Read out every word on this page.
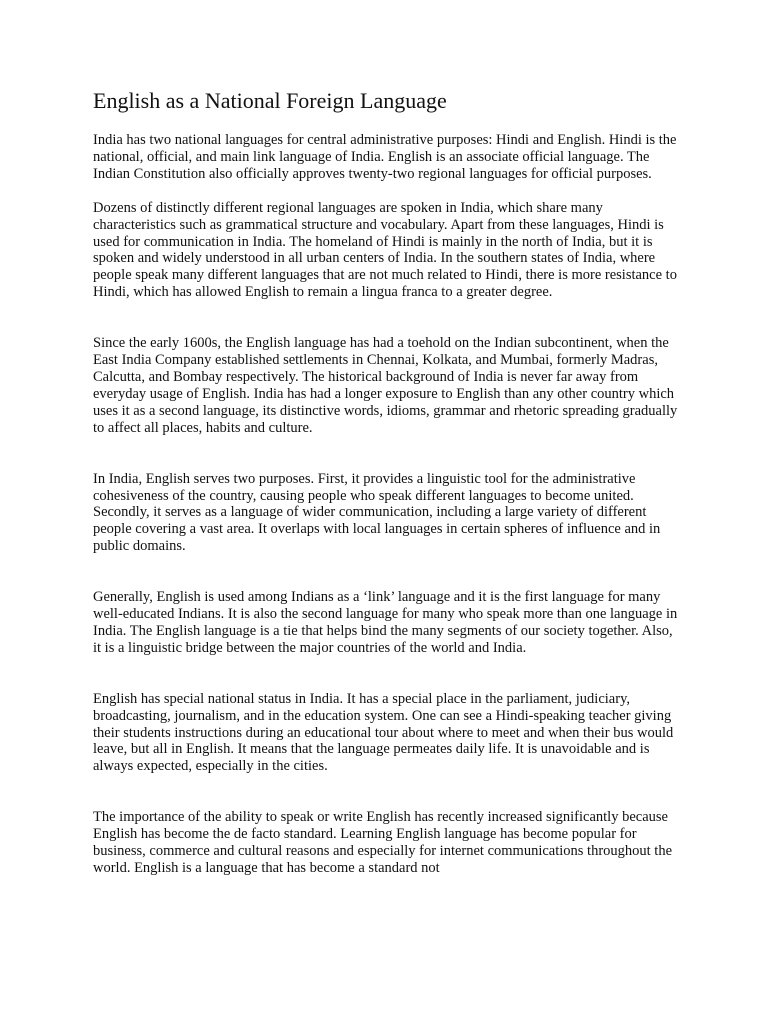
English as a National Foreign Language

India has two national languages for central administrative purposes: Hindi and English. Hindi is the national, official, and main link language of India. English is an associate official language. The Indian Constitution also officially approves twenty-two regional languages for official purposes.

Dozens of distinctly different regional languages are spoken in India, which share many characteristics such as grammatical structure and vocabulary. Apart from these languages, Hindi is used for communication in India. The homeland of Hindi is mainly in the north of India, but it is spoken and widely understood in all urban centers of India. In the southern states of India, where people speak many different languages that are not much related to Hindi, there is more resistance to Hindi, which has allowed English to remain a lingua franca to a greater degree.

Since the early 1600s, the English language has had a toehold on the Indian subcontinent, when the East India Company established settlements in Chennai, Kolkata, and Mumbai, formerly Madras, Calcutta, and Bombay respectively. The historical background of India is never far away from everyday usage of English. India has had a longer exposure to English than any other country which uses it as a second language, its distinctive words, idioms, grammar and rhetoric spreading gradually to affect all places, habits and culture.

In India, English serves two purposes. First, it provides a linguistic tool for the administrative cohesiveness of the country, causing people who speak different languages to become united. Secondly, it serves as a language of wider communication, including a large variety of different people covering a vast area. It overlaps with local languages in certain spheres of influence and in public domains.

Generally, English is used among Indians as a ‘link’ language and it is the first language for many well-educated Indians. It is also the second language for many who speak more than one language in India. The English language is a tie that helps bind the many segments of our society together. Also, it is a linguistic bridge between the major countries of the world and India.

English has special national status in India. It has a special place in the parliament, judiciary, broadcasting, journalism, and in the education system. One can see a Hindi-speaking teacher giving their students instructions during an educational tour about where to meet and when their bus would leave, but all in English. It means that the language permeates daily life. It is unavoidable and is always expected, especially in the cities.

The importance of the ability to speak or write English has recently increased significantly because English has become the de facto standard. Learning English language has become popular for business, commerce and cultural reasons and especially for internet communications throughout the world. English is a language that has become a standard not
